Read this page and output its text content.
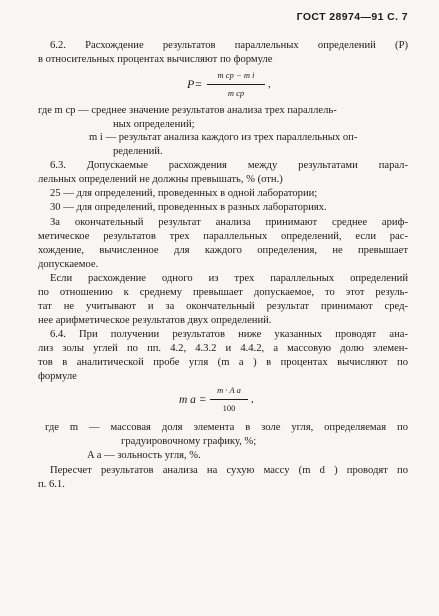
ГОСТ 28974—91 С. 7
6.2. Расхождение результатов параллельных определений (P)
в относительных процентах вычисляют по формуле
P=
m ср − m i
m ср
,
где m ср — среднее значение результатов анализа трех параллель-
ных определений;
m i — результат анализа каждого из трех параллельных оп-
ределений.
6.3. Допускаемые расхождения между результатами парал-
лельных определений не должны превышать, % (отн.)
25 — для определений, проведенных в одной лаборатории;
30 — для определений, проведенных в разных лабораториях.
За окончательный результат анализа принимают среднее ариф-
метическое результатов трех параллельных определений, если рас-
хождение, вычисленное для каждого определения, не превышает
допускаемое.
Если расхождение одного из трех параллельных определений
по отношению к среднему превышает допускаемое, то этот резуль-
тат не учитывают и за окончательный результат принимают сред-
нее арифметическое результатов двух определений.
6.4. При получении результатов ниже указанных проводят ана-
лиз золы углей по пп. 4.2, 4.3.2 и 4.4.2, а массовую долю элемен-
тов в аналитической пробе угля (m a ) в процентах вычисляют по
формуле
m a =
m · A a
100
,
где m — массовая доля элемента в золе угля, определяемая по
градуировочному графику, %;
A a — зольность угля, %.
Пересчет результатов анализа на сухую массу (m d ) проводят по
п. 6.1.
